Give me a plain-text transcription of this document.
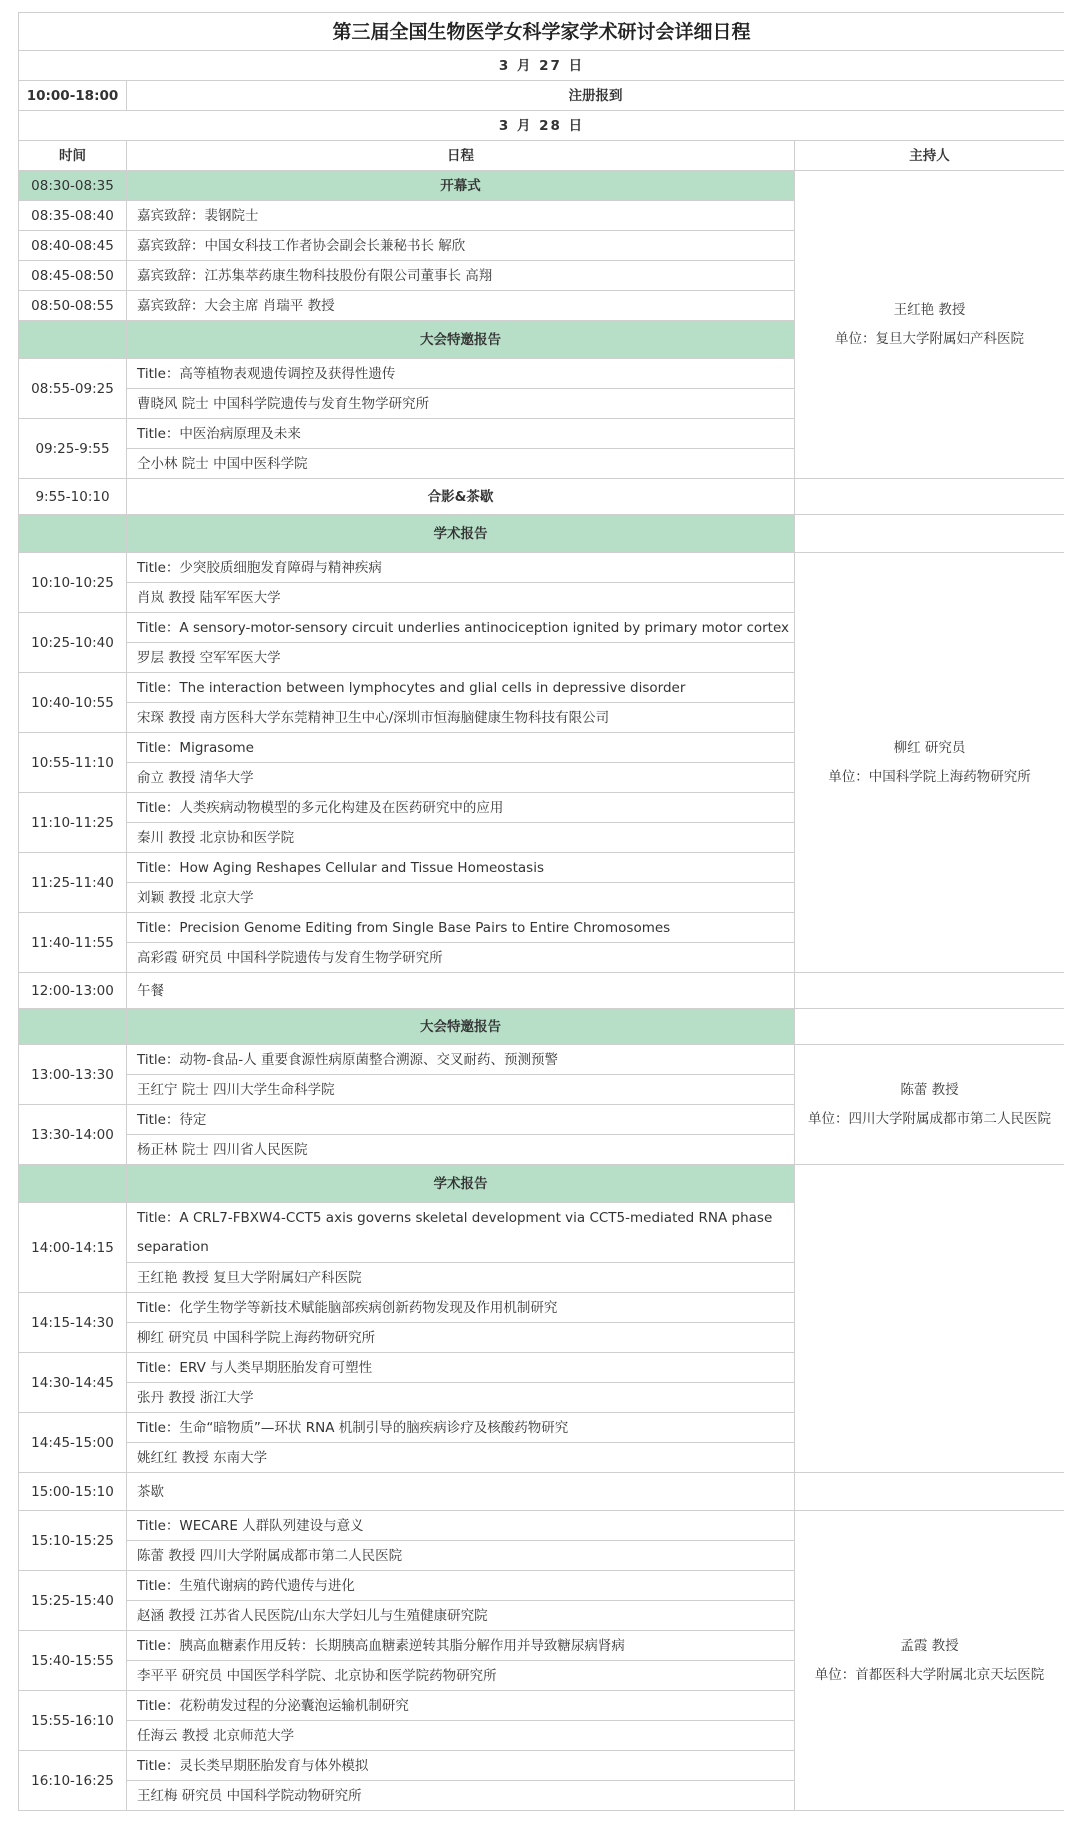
第三届全国生物医学女科学家学术研讨会详细日程		
3 月 27 日		
10:00-18:00	注册报到	
3 月 28 日		
时间	日程	主持人
08:30-08:35	开幕式	王红艳 教授
单位：复旦大学附属妇产科医院

08:35-08:40	嘉宾致辞：裴钢院士	
08:40-08:45	嘉宾致辞：中国女科技工作者协会副会长兼秘书长 解欣	
08:45-08:50	嘉宾致辞：江苏集萃药康生物科技股份有限公司董事长 高翔	
08:50-08:55	嘉宾致辞：大会主席 肖瑞平 教授	
	大会特邀报告	
08:55-09:25	Title：高等植物表观遗传调控及获得性遗传	
	曹晓风 院士 中国科学院遗传与发育生物学研究所	
09:25-9:55	Title：中医治病原理及未来	
	仝小林 院士 中国中医科学院	
9:55-10:10	合影&茶歇	
	学术报告	
10:10-10:25	Title：少突胶质细胞发育障碍与精神疾病	柳红 研究员
单位：中国科学院上海药物研究所

	肖岚 教授 陆军军医大学	
10:25-10:40	Title：A sensory-motor-sensory circuit underlies antinociception ignited by primary motor cortex	
	罗层 教授 空军军医大学	
10:40-10:55	Title：The interaction between lymphocytes and glial cells in depressive disorder	
	宋琛 教授 南方医科大学东莞精神卫生中心/深圳市恒海脑健康生物科技有限公司	
10:55-11:10	Title：Migrasome	
	俞立 教授 清华大学	
11:10-11:25	Title：人类疾病动物模型的多元化构建及在医药研究中的应用	
	秦川 教授 北京协和医学院	
11:25-11:40	Title：How Aging Reshapes Cellular and Tissue Homeostasis	
	刘颖 教授 北京大学	
11:40-11:55	Title：Precision Genome Editing from Single Base Pairs to Entire Chromosomes	
	高彩霞 研究员 中国科学院遗传与发育生物学研究所	
12:00-13:00	午餐	
	大会特邀报告	
13:00-13:30	Title：动物-食品-人 重要食源性病原菌整合溯源、交叉耐药、预测预警	陈蕾 教授
单位：四川大学附属成都市第二人民医院

	王红宁 院士 四川大学生命科学院	
13:30-14:00	Title：待定	
	杨正林 院士 四川省人民医院	
	学术报告	
14:00-14:15	Title：A CRL7-FBXW4-CCT5 axis governs skeletal development via CCT5-mediated RNA phase separation	
	王红艳 教授 复旦大学附属妇产科医院	
14:15-14:30	Title：化学生物学等新技术赋能脑部疾病创新药物发现及作用机制研究	
	柳红 研究员 中国科学院上海药物研究所	
14:30-14:45	Title：ERV 与人类早期胚胎发育可塑性	
	张丹 教授 浙江大学	
14:45-15:00	Title：生命“暗物质”—环状 RNA 机制引导的脑疾病诊疗及核酸药物研究	
	姚红红 教授 东南大学	
15:00-15:10	茶歇	
15:10-15:25	Title：WECARE 人群队列建设与意义	孟霞 教授
单位：首都医科大学附属北京天坛医院

	陈蕾 教授 四川大学附属成都市第二人民医院	
15:25-15:40	Title：生殖代谢病的跨代遗传与进化	
	赵涵 教授 江苏省人民医院/山东大学妇儿与生殖健康研究院	
15:40-15:55	Title：胰高血糖素作用反转：长期胰高血糖素逆转其脂分解作用并导致糖尿病肾病	
	李平平 研究员 中国医学科学院、北京协和医学院药物研究所	
15:55-16:10	Title：花粉萌发过程的分泌囊泡运输机制研究	
	任海云 教授 北京师范大学	
16:10-16:25	Title：灵长类早期胚胎发育与体外模拟	
	王红梅 研究员 中国科学院动物研究所	
